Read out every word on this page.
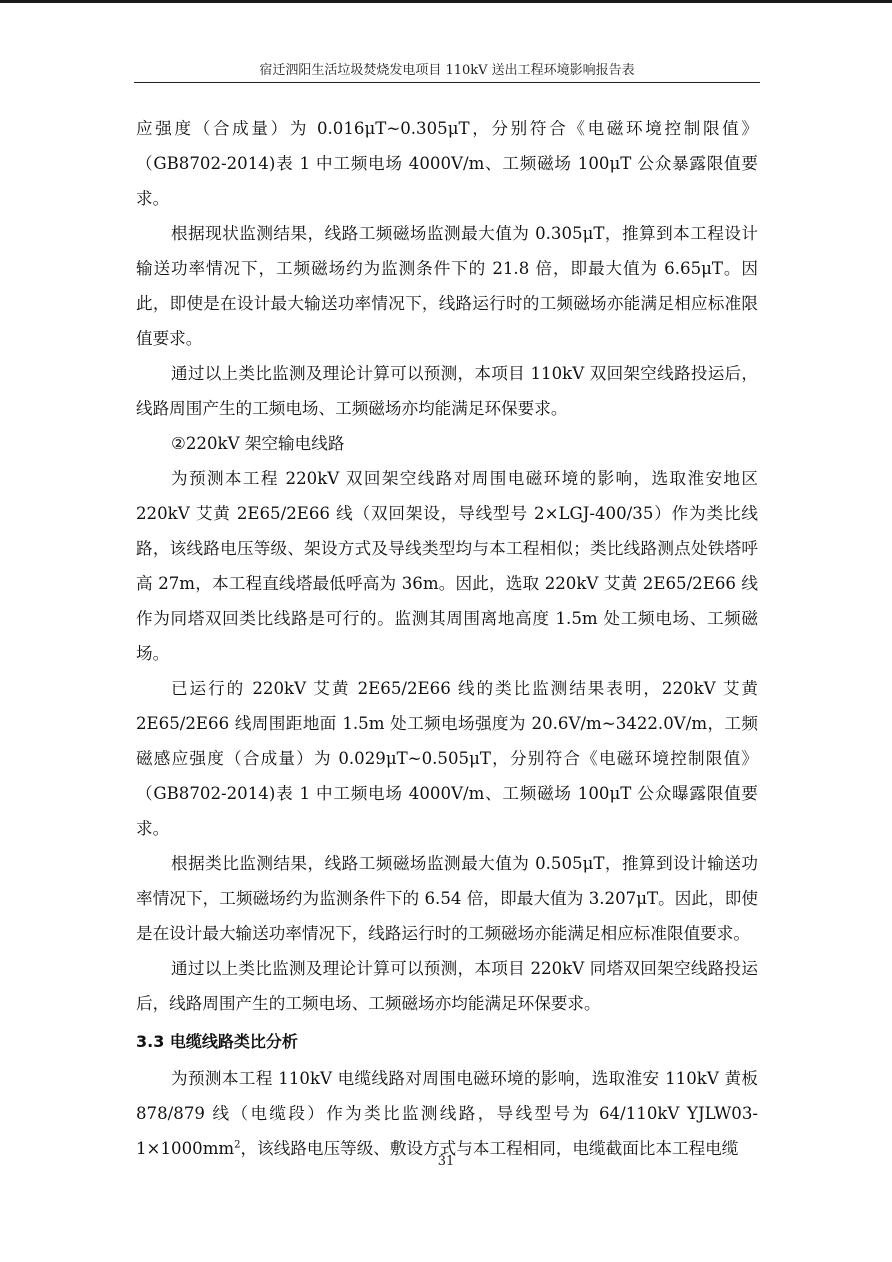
宿迁泗阳生活垃圾焚烧发电项目 110kV 送出工程环境影响报告表

应强度（合成量）为 0.016μT~0.305μT，分别符合《电磁环境控制限值》（GB8702-2014)表 1 中工频电场 4000V/m、工频磁场 100μT 公众暴露限值要求。

根据现状监测结果，线路工频磁场监测最大值为 0.305μT，推算到本工程设计输送功率情况下，工频磁场约为监测条件下的 21.8 倍，即最大值为 6.65μT。因此，即使是在设计最大输送功率情况下，线路运行时的工频磁场亦能满足相应标准限值要求。

通过以上类比监测及理论计算可以预测，本项目 110kV 双回架空线路投运后，线路周围产生的工频电场、工频磁场亦均能满足环保要求。

②220kV 架空输电线路

为预测本工程 220kV 双回架空线路对周围电磁环境的影响，选取淮安地区 220kV 艾黄 2E65/2E66 线（双回架设，导线型号 2×LGJ-400/35）作为类比线路，该线路电压等级、架设方式及导线类型均与本工程相似；类比线路测点处铁塔呼高 27m，本工程直线塔最低呼高为 36m。因此，选取 220kV 艾黄 2E65/2E66 线作为同塔双回类比线路是可行的。监测其周围离地高度 1.5m 处工频电场、工频磁场。

已运行的 220kV 艾黄 2E65/2E66 线的类比监测结果表明，220kV 艾黄 2E65/2E66 线周围距地面 1.5m 处工频电场强度为 20.6V/m~3422.0V/m，工频磁感应强度（合成量）为 0.029μT~0.505μT，分别符合《电磁环境控制限值》（GB8702-2014)表 1 中工频电场 4000V/m、工频磁场 100μT 公众曝露限值要求。

根据类比监测结果，线路工频磁场监测最大值为 0.505μT，推算到设计输送功率情况下，工频磁场约为监测条件下的 6.54 倍，即最大值为 3.207μT。因此，即使是在设计最大输送功率情况下，线路运行时的工频磁场亦能满足相应标准限值要求。

通过以上类比监测及理论计算可以预测，本项目 220kV 同塔双回架空线路投运后，线路周围产生的工频电场、工频磁场亦均能满足环保要求。

3.3 电缆线路类比分析

为预测本工程 110kV 电缆线路对周围电磁环境的影响，选取淮安 110kV 黄板 878/879 线（电缆段）作为类比监测线路，导线型号为 64/110kV $YJLW03-1\times 1000mm^2$，该线路电压等级、敷设方式与本工程相同，电缆截面比本工程电缆

31
